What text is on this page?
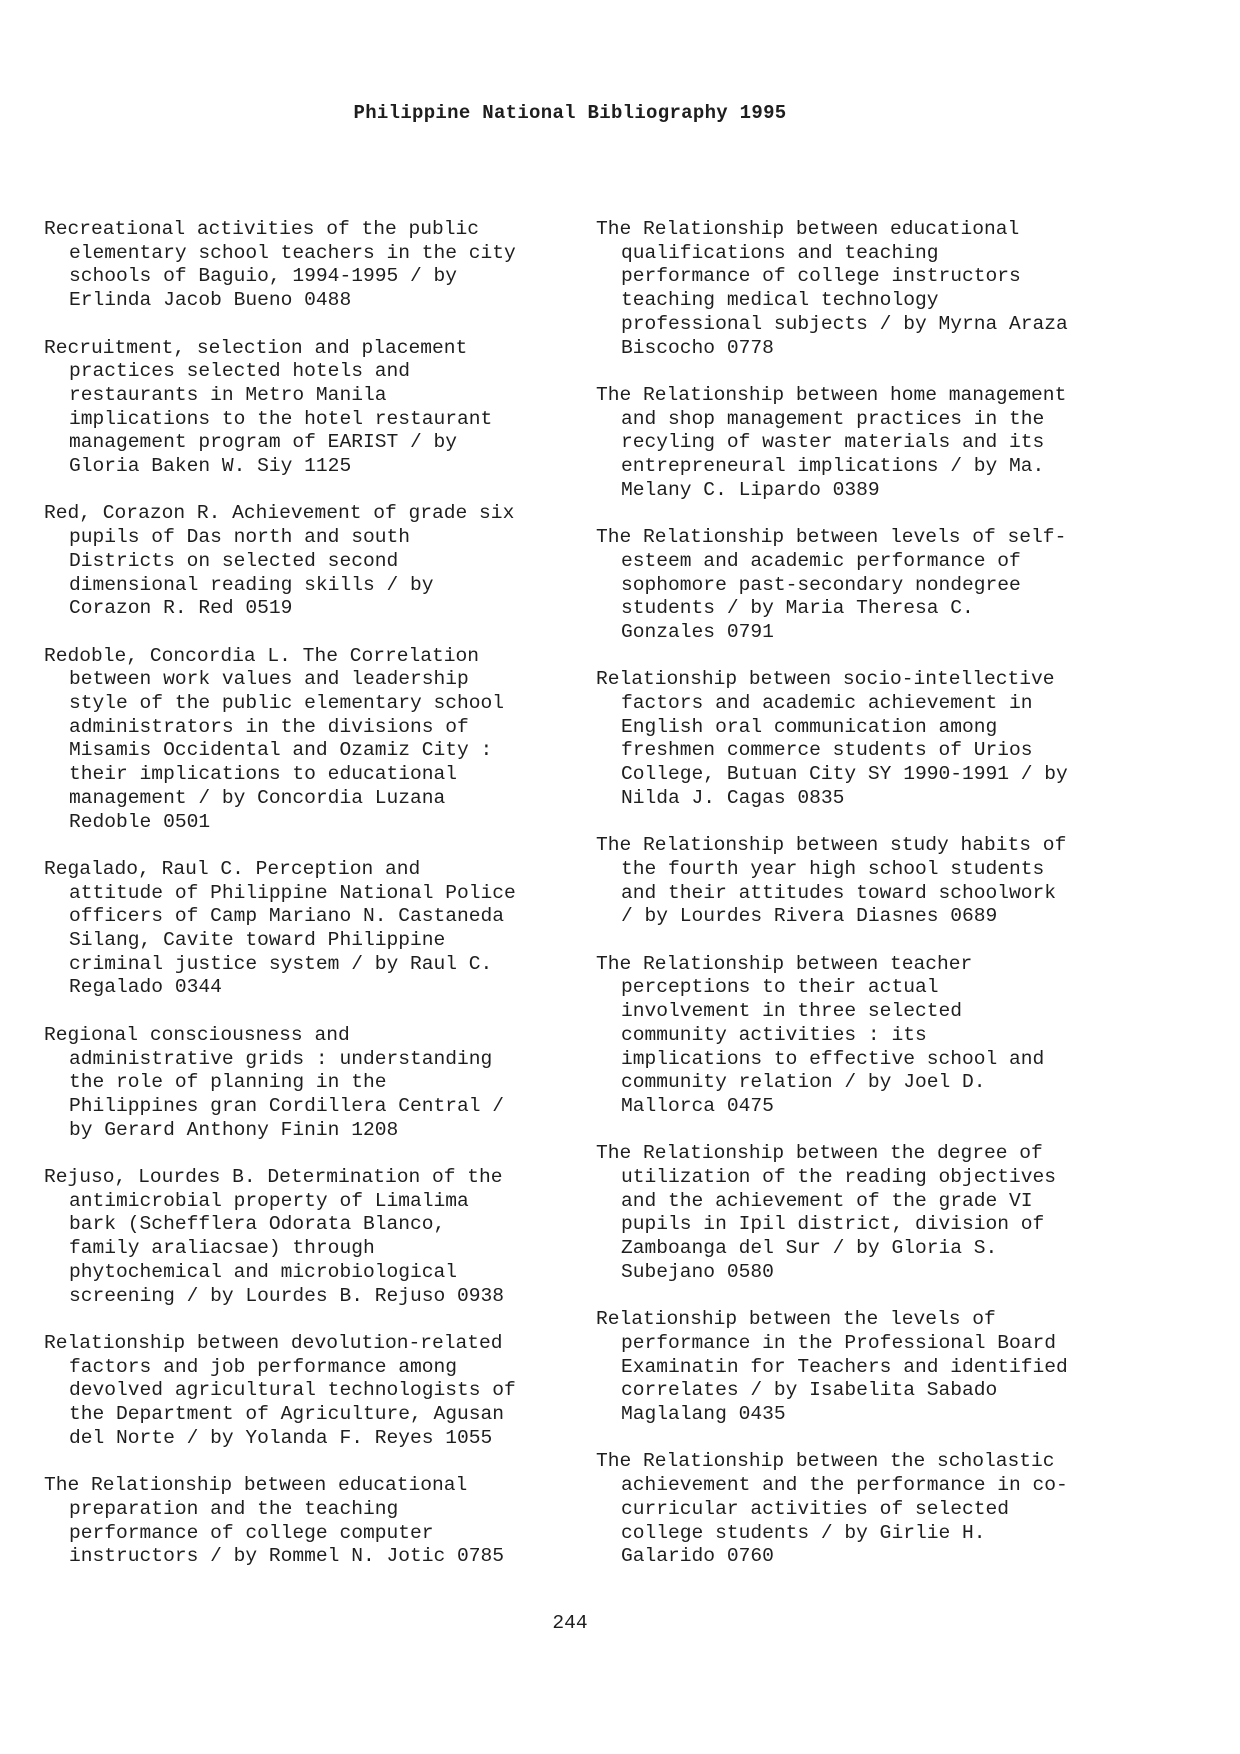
Philippine National Bibliography 1995

Recreational activities of the public
elementary school teachers in the city
schools of Baguio, 1994-1995 / by
Erlinda Jacob Bueno 0488

Recruitment, selection and placement
practices selected hotels and
restaurants in Metro Manila
implications to the hotel restaurant
management program of EARIST / by
Gloria Baken W. Siy 1125

Red, Corazon R. Achievement of grade six
pupils of Das north and south
Districts on selected second
dimensional reading skills / by
Corazon R. Red 0519

Redoble, Concordia L. The Correlation
between work values and leadership
style of the public elementary school
administrators in the divisions of
Misamis Occidental and Ozamiz City :
their implications to educational
management / by Concordia Luzana
Redoble 0501

Regalado, Raul C. Perception and
attitude of Philippine National Police
officers of Camp Mariano N. Castaneda
Silang, Cavite toward Philippine
criminal justice system / by Raul C.
Regalado 0344

Regional consciousness and
administrative grids : understanding
the role of planning in the
Philippines gran Cordillera Central /
by Gerard Anthony Finin 1208

Rejuso, Lourdes B. Determination of the
antimicrobial property of Limalima
bark (Schefflera Odorata Blanco,
family araliacsae) through
phytochemical and microbiological
screening / by Lourdes B. Rejuso 0938

Relationship between devolution-related
factors and job performance among
devolved agricultural technologists of
the Department of Agriculture, Agusan
del Norte / by Yolanda F. Reyes 1055

The Relationship between educational
preparation and the teaching
performance of college computer
instructors / by Rommel N. Jotic 0785

The Relationship between educational
qualifications and teaching
performance of college instructors
teaching medical technology
professional subjects / by Myrna Araza
Biscocho 0778

The Relationship between home management
and shop management practices in the
recyling of waster materials and its
entrepreneural implications / by Ma.
Melany C. Lipardo 0389

The Relationship between levels of self-
esteem and academic performance of
sophomore past-secondary nondegree
students / by Maria Theresa C.
Gonzales 0791

Relationship between socio-intellective
factors and academic achievement in
English oral communication among
freshmen commerce students of Urios
College, Butuan City SY 1990-1991 / by
Nilda J. Cagas 0835

The Relationship between study habits of
the fourth year high school students
and their attitudes toward schoolwork
/ by Lourdes Rivera Diasnes 0689

The Relationship between teacher
perceptions to their actual
involvement in three selected
community activities : its
implications to effective school and
community relation / by Joel D.
Mallorca 0475

The Relationship between the degree of
utilization of the reading objectives
and the achievement of the grade VI
pupils in Ipil district, division of
Zamboanga del Sur / by Gloria S.
Subejano 0580

Relationship between the levels of
performance in the Professional Board
Examinatin for Teachers and identified
correlates / by Isabelita Sabado
Maglalang 0435

The Relationship between the scholastic
achievement and the performance in co-
curricular activities of selected
college students / by Girlie H.
Galarido 0760

244
